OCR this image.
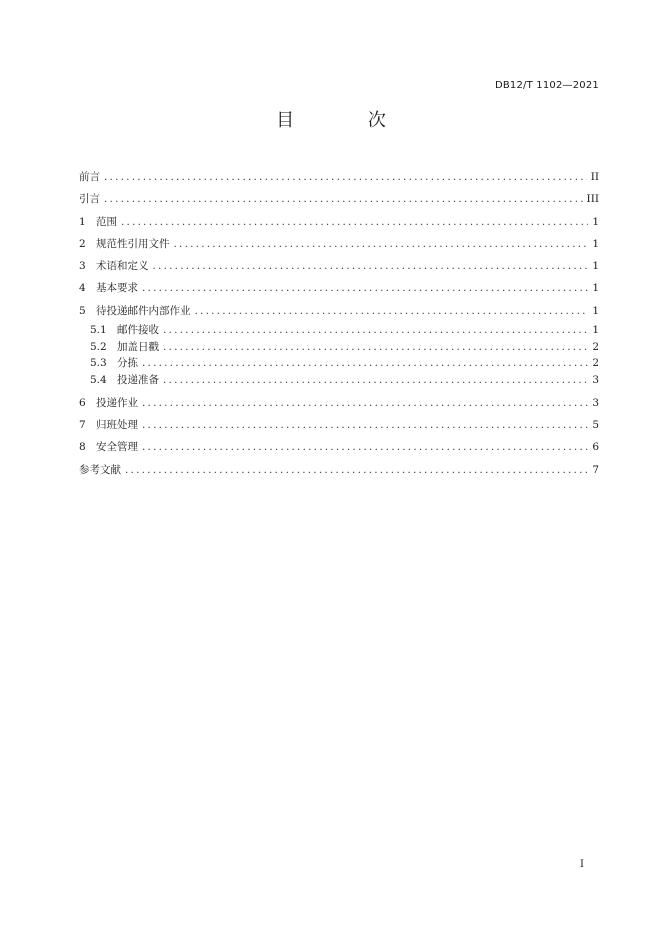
DB12/T 1102—2021
目 次
前言 .....	II
引言 .....	III
1 范围 .....	1
2 规范性引用文件 .....	1
3 术语和定义 .....	1
4 基本要求 .....	1
5 待投递邮件内部作业 .....	1
5.1 邮件接收 .....	1
5.2 加盖日戳 .....	2
5.3 分拣 .....	2
5.4 投递准备 .....	3
6 投递作业 .....	3
7 归班处理 .....	5
8 安全管理 .....	6
参考文献 .....	7
I
